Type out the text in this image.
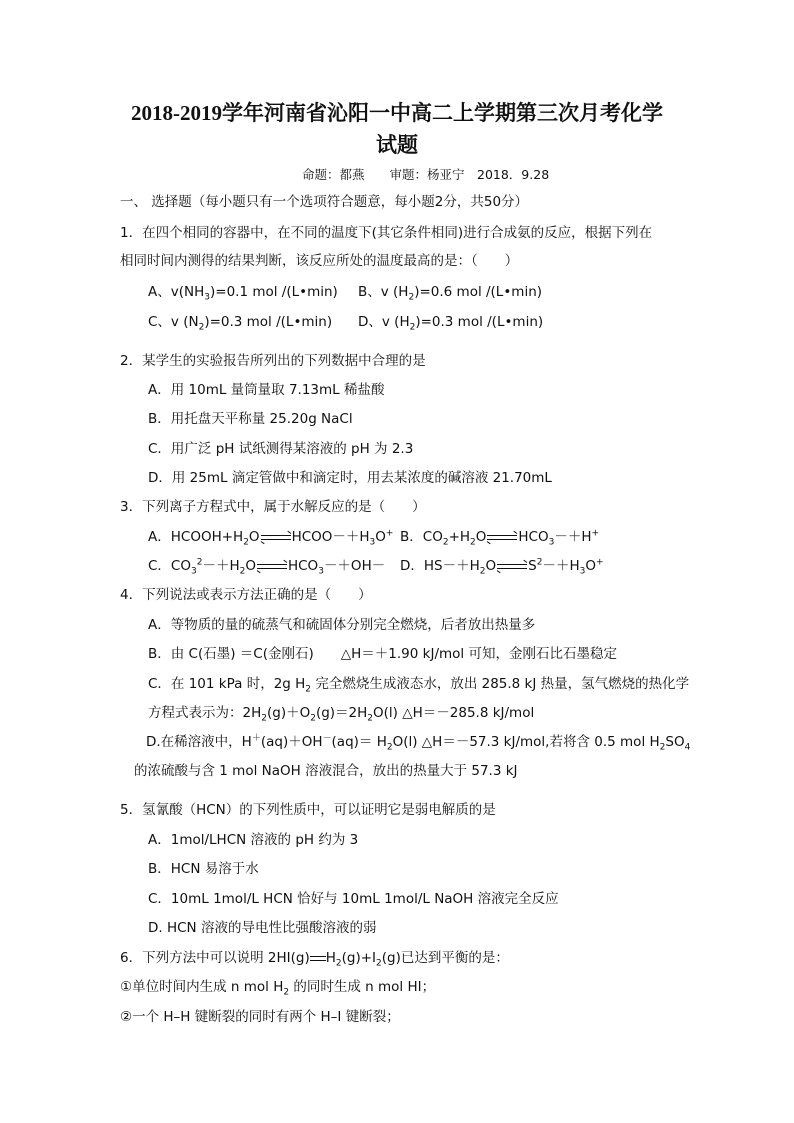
2018-2019学年河南省沁阳一中高二上学期第三次月考化学
试题
命题：都燕　　审题：杨亚宁　2018．9.28
一、 选择题（每小题只有一个选项符合题意，每小题2分，共50分）
1．在四个相同的容器中，在不同的温度下(其它条件相同)进行合成氨的反应，根据下列在
相同时间内测得的结果判断，该反应所处的温度最高的是：（　　）
A、$v(NH_3)=0.1$ mol /(L•min) B、v $(H_2)=0.6$ mol /(L•min)
C、v $(N_2)=0.3$ mol /(L•min) D、v $(H_2)=0.3$ mol /(L•min)
2．某学生的实验报告所列出的下列数据中合理的是
A．用 10mL 量筒量取 7.13mL 稀盐酸
B．用托盘天平称量 25.20g NaCl
C．用广泛 pH 试纸测得某溶液的 pH 为 2.3
D．用 25mL 滴定管做中和滴定时，用去某浓度的碱溶液 21.70mL
3．下列离子方程式中，属于水解反应的是（　　）
A．$HCOOH+H_2O$ $HCOO-+H_3O^+$ B．$CO_2+H_2O$ $HCO_3-+H^+$
C．$CO_3^2-+H_2O$ $HCO_3-+OH- D$．$HS-+H_2O$ $S^2-+H_3O^+$
4．下列说法或表示方法正确的是（　　）
A．等物质的量的硫蒸气和硫固体分别完全燃烧，后者放出热量多
B．由 C(石墨) ＝C(金刚石)　　△H＝＋1.90 kJ/mol 可知，金刚石比石墨稳定
C．在 101 kPa 时，2g $H_2$ 完全燃烧生成液态水，放出 285.8 kJ 热量，氢气燃烧的热化学
方程式表示为：$2H_2(g)+O_2(g)=2H_2O(l)$ △H＝－285.8 kJ/mol
D.在稀溶液中，$H^+(aq)+OH^-(aq)= H_2O(l)$ △H＝－57.3 kJ/mol,若将含 0.5 mol $H_2SO_4$
的浓硫酸与含 1 mol NaOH 溶液混合，放出的热量大于 57.3 kJ
5．氢氰酸（HCN）的下列性质中，可以证明它是弱电解质的是
A．1mol/LHCN 溶液的 pH 约为 3
B．HCN 易溶于水
C．10mL 1mol/L HCN 恰好与 10mL 1mol/L NaOH 溶液完全反应
D. HCN 溶液的导电性比强酸溶液的弱
6．下列方法中可以说明 2HI(g) $H_2(g)+I_2(g)$已达到平衡的是：
①单位时间内生成 n mol $H_2$ 的同时生成 n mol HI；
②一个 H–H 键断裂的同时有两个 H–I 键断裂；
